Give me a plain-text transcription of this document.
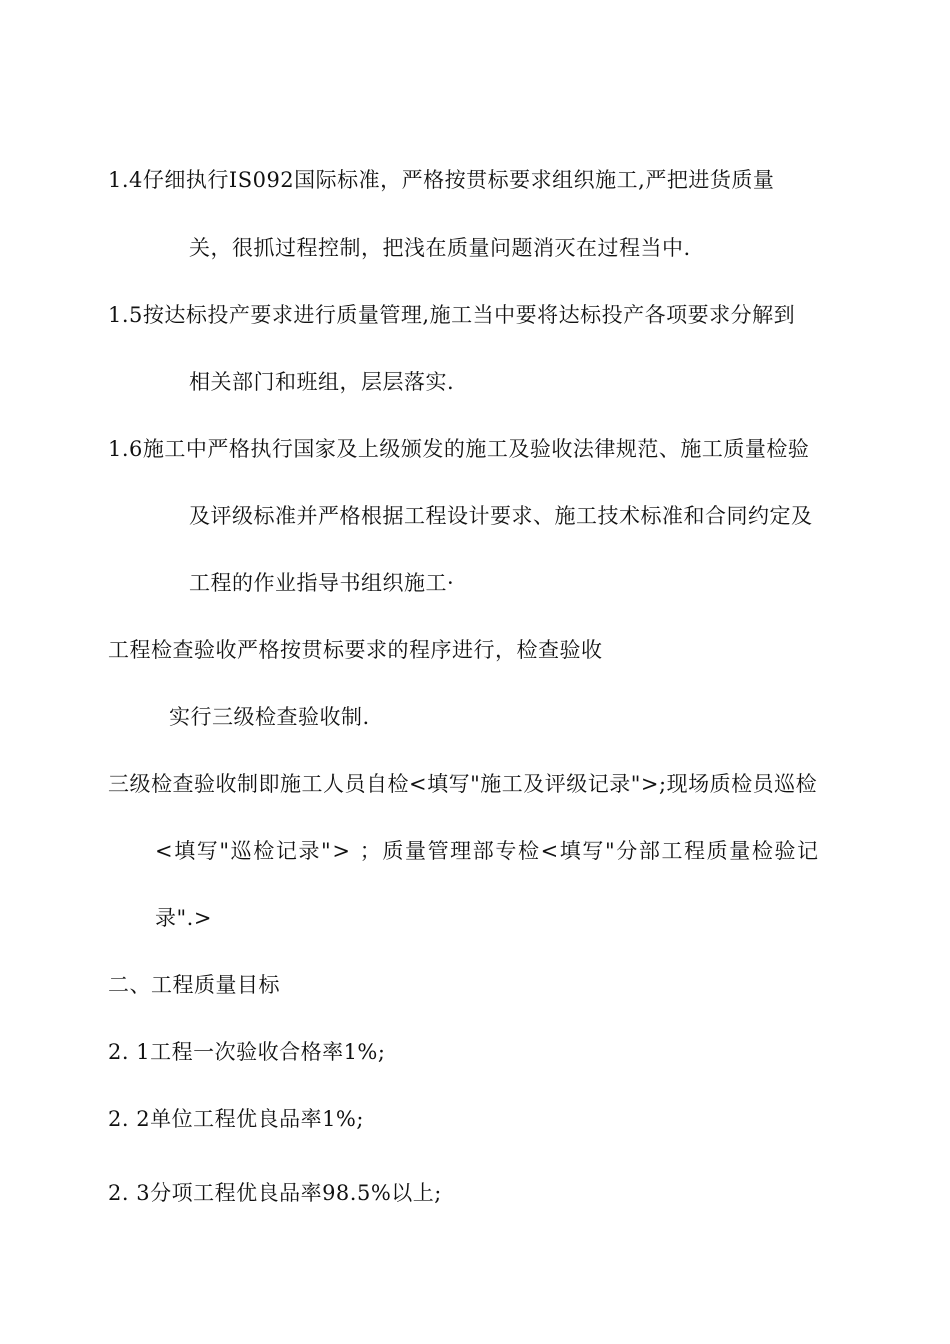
1.4仔细执行IS092国际标准，严格按贯标要求组织施工,严把进货质量
关，很抓过程控制，把浅在质量问题消灭在过程当中.
1.5按达标投产要求进行质量管理,施工当中要将达标投产各项要求分解到
相关部门和班组，层层落实.
1.6施工中严格执行国家及上级颁发的施工及验收法律规范、施工质量检验
及评级标准并严格根据工程设计要求、施工技术标准和合同约定及
工程的作业指导书组织施工·
工程检查验收严格按贯标要求的程序进行，检查验收
实行三级检查验收制.
三级检查验收制即施工人员自检<填写"施工及评级记录">;现场质检员巡检
<填写"巡检记录"> ；质量管理部专检<填写"分部工程质量检验记
录".>
二、工程质量目标
2. 1工程一次验收合格率1%;
2. 2单位工程优良品率1%;
2. 3分项工程优良品率98.5%以上;
